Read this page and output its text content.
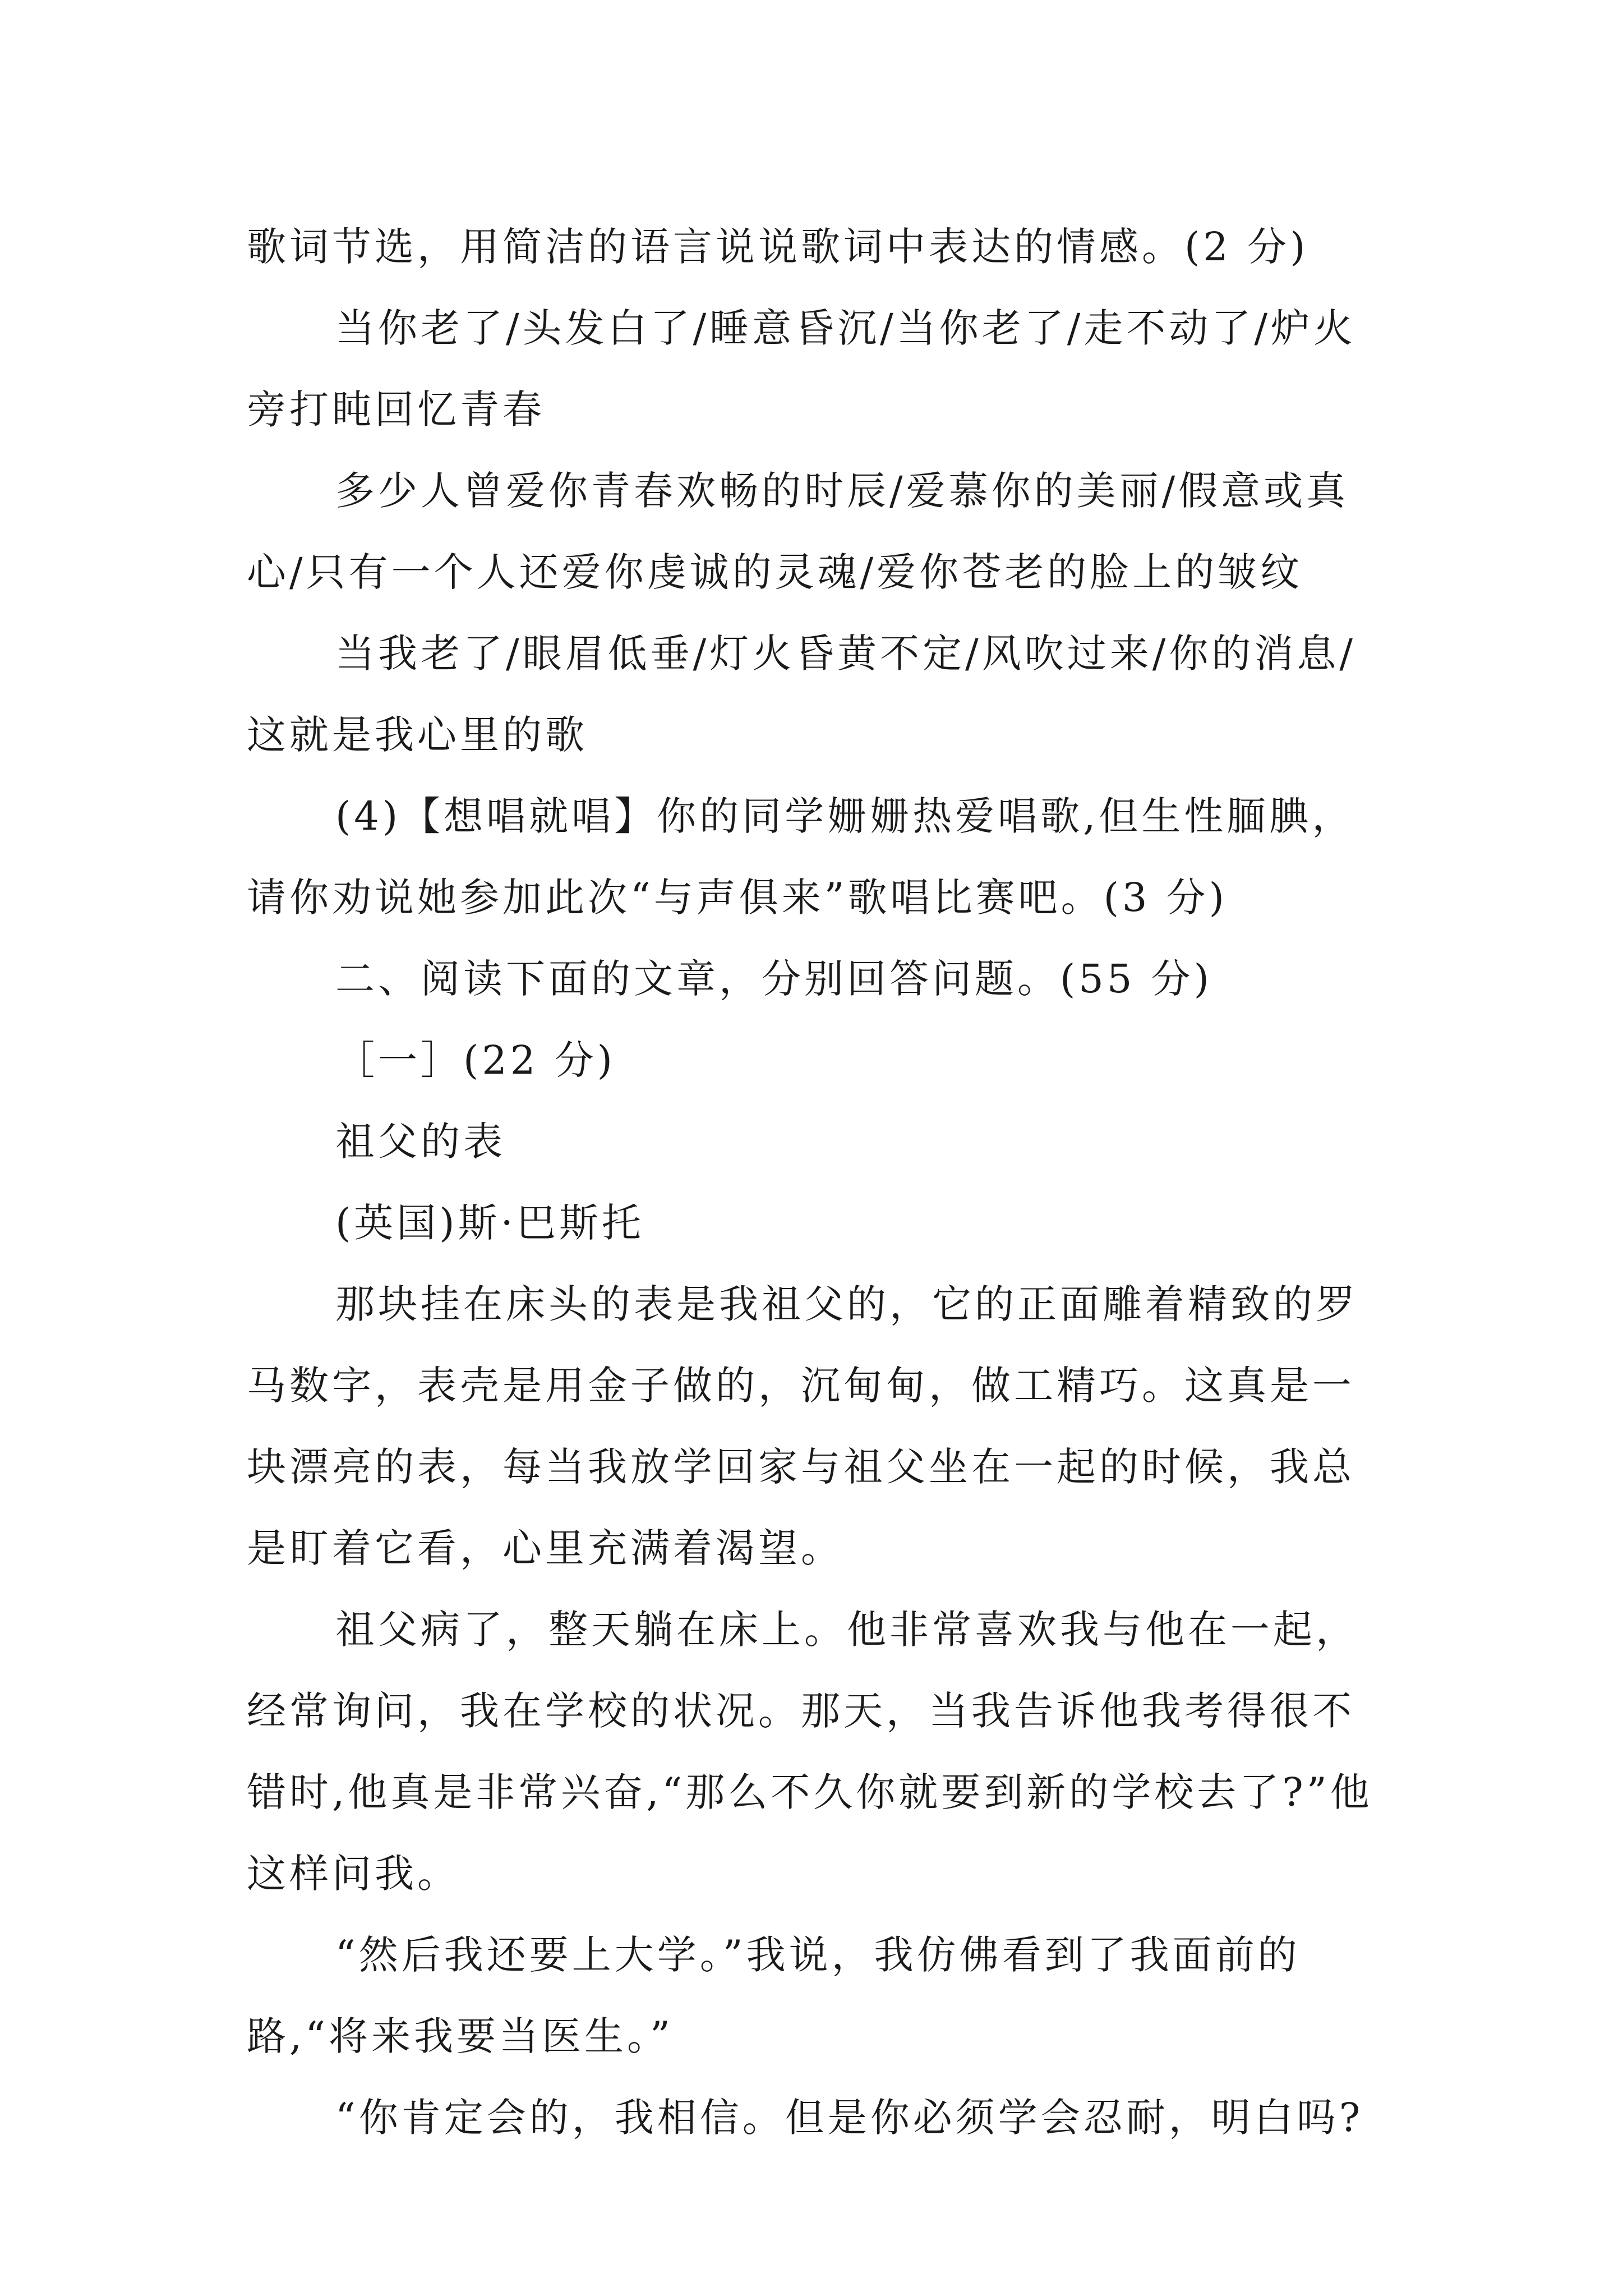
歌词节选，用简洁的语言说说歌词中表达的情感。(2 分)

当你老了/头发白了/睡意昏沉/当你老了/走不动了/炉火旁打盹回忆青春

多少人曾爱你青春欢畅的时辰/爱慕你的美丽/假意或真心/只有一个人还爱你虔诚的灵魂/爱你苍老的脸上的皱纹

当我老了/眼眉低垂/灯火昏黄不定/风吹过来/你的消息/这就是我心里的歌

(4)【想唱就唱】你的同学姗姗热爱唱歌,但生性腼腆，请你劝说她参加此次“与声俱来”歌唱比赛吧。(3 分)

二、阅读下面的文章，分别回答问题。(55 分)

［一］(22 分)

祖父的表

(英国)斯·巴斯托

那块挂在床头的表是我祖父的，它的正面雕着精致的罗马数字，表壳是用金子做的，沉甸甸，做工精巧。这真是一块漂亮的表，每当我放学回家与祖父坐在一起的时候，我总是盯着它看，心里充满着渴望。

祖父病了，整天躺在床上。他非常喜欢我与他在一起，经常询问，我在学校的状况。那天，当我告诉他我考得很不错时,他真是非常兴奋,“那么不久你就要到新的学校去了?”他这样问我。

“然后我还要上大学。”我说，我仿佛看到了我面前的路,“将来我要当医生。”

“你肯定会的，我相信。但是你必须学会忍耐，明白吗?
